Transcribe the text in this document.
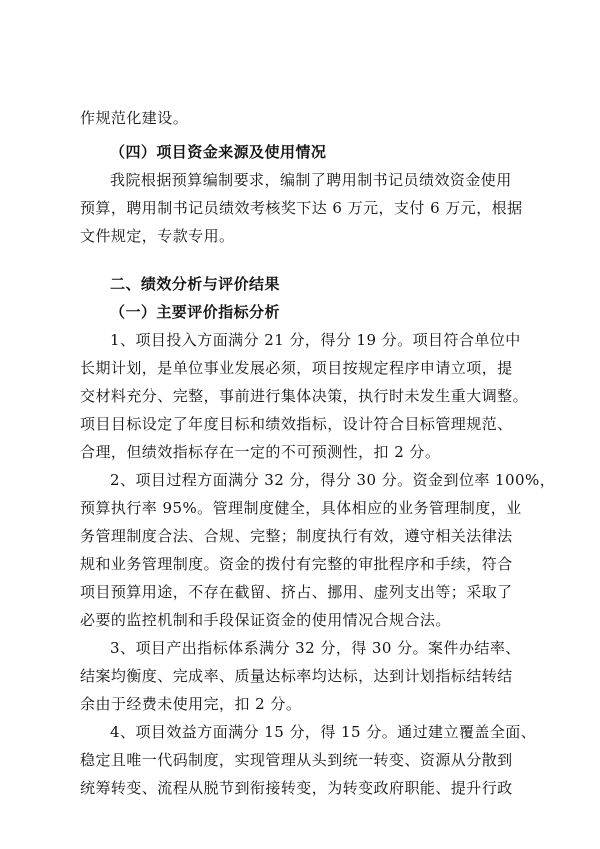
作规范化建设。
（四）项目资金来源及使用情况
我院根据预算编制要求，编制了聘用制书记员绩效资金使用
预算，聘用制书记员绩效考核奖下达 6 万元，支付 6 万元，根据
文件规定，专款专用。
二、绩效分析与评价结果
（一）主要评价指标分析
1、项目投入方面满分 21 分，得分 19 分。项目符合单位中
长期计划，是单位事业发展必须，项目按规定程序申请立项，提
交材料充分、完整，事前进行集体决策，执行时未发生重大调整。
项目目标设定了年度目标和绩效指标，设计符合目标管理规范、
合理，但绩效指标存在一定的不可预测性，扣 2 分。
2、项目过程方面满分 32 分，得分 30 分。资金到位率 100%，
预算执行率 95%。管理制度健全，具体相应的业务管理制度，业
务管理制度合法、合规、完整；制度执行有效，遵守相关法律法
规和业务管理制度。资金的拨付有完整的审批程序和手续，符合
项目预算用途，不存在截留、挤占、挪用、虚列支出等；采取了
必要的监控机制和手段保证资金的使用情况合规合法。
3、项目产出指标体系满分 32 分，得 30 分。案件办结率、
结案均衡度、完成率、质量达标率均达标，达到计划指标结转结
余由于经费未使用完，扣 2 分。
4、项目效益方面满分 15 分，得 15 分。通过建立覆盖全面、
稳定且唯一代码制度，实现管理从头到统一转变、资源从分散到
统筹转变、流程从脱节到衔接转变，为转变政府职能、提升行政
